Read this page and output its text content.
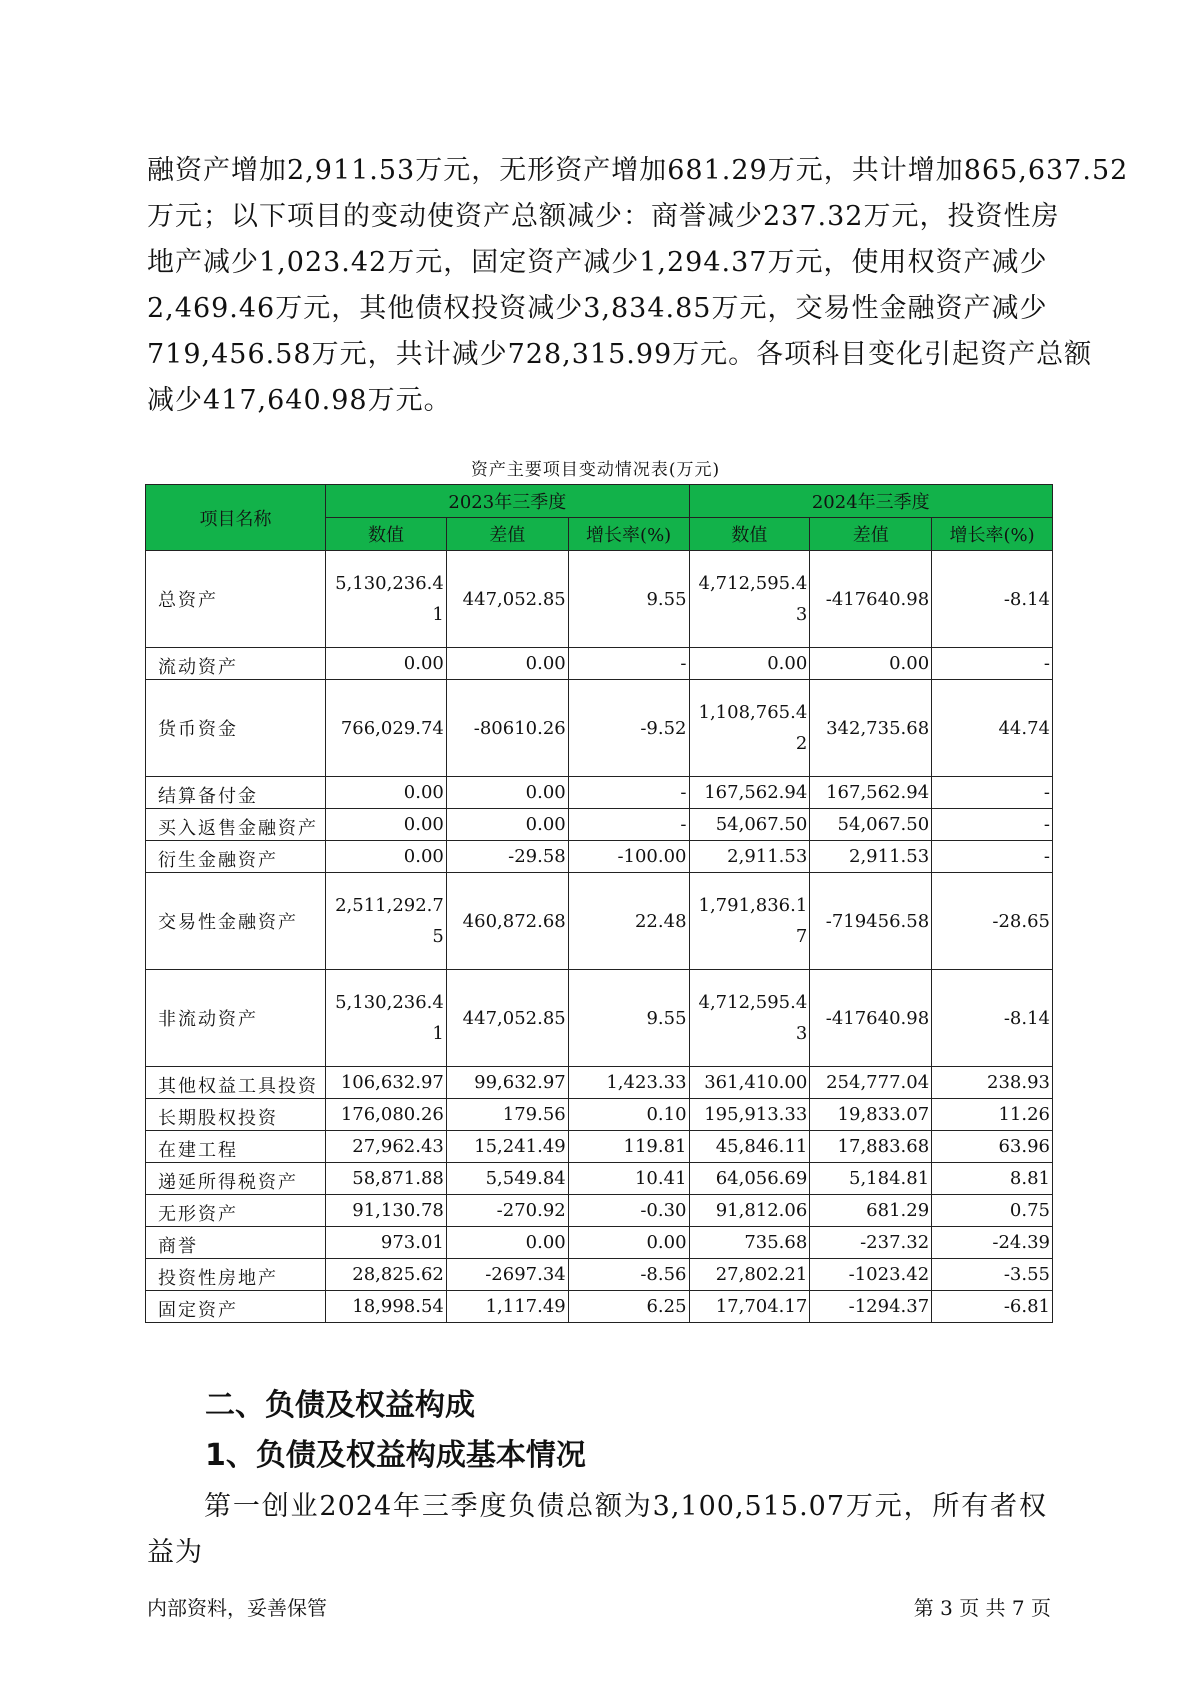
融资产增加2,911.53万元，无形资产增加681.29万元，共计增加865,637.52
万元；以下项目的变动使资产总额减少：商誉减少237.32万元，投资性房
地产减少1,023.42万元，固定资产减少1,294.37万元，使用权资产减少
2,469.46万元，其他债权投资减少3,834.85万元，交易性金融资产减少
719,456.58万元，共计减少728,315.99万元。各项科目变化引起资产总额
减少417,640.98万元。
资产主要项目变动情况表(万元)
项目名称	2023年三季度			2024年三季度		
	数值	差值	增长率(%)	数值	差值	增长率(%)
总资产	5,130,236.41	447,052.85	9.55	4,712,595.43	-417640.98	-8.14
流动资产	0.00	0.00	-	0.00	0.00	-
货币资金	766,029.74	-80610.26	-9.52	1,108,765.42	342,735.68	44.74
结算备付金	0.00	0.00	-	167,562.94	167,562.94	-
买入返售金融资产	0.00	0.00	-	54,067.50	54,067.50	-
衍生金融资产	0.00	-29.58	-100.00	2,911.53	2,911.53	-
交易性金融资产	2,511,292.75	460,872.68	22.48	1,791,836.17	-719456.58	-28.65
非流动资产	5,130,236.41	447,052.85	9.55	4,712,595.43	-417640.98	-8.14
其他权益工具投资	106,632.97	99,632.97	1,423.33	361,410.00	254,777.04	238.93
长期股权投资	176,080.26	179.56	0.10	195,913.33	19,833.07	11.26
在建工程	27,962.43	15,241.49	119.81	45,846.11	17,883.68	63.96
递延所得税资产	58,871.88	5,549.84	10.41	64,056.69	5,184.81	8.81
无形资产	91,130.78	-270.92	-0.30	91,812.06	681.29	0.75
商誉	973.01	0.00	0.00	735.68	-237.32	-24.39
投资性房地产	28,825.62	-2697.34	-8.56	27,802.21	-1023.42	-3.55
固定资产	18,998.54	1,117.49	6.25	17,704.17	-1294.37	-6.81
二、负债及权益构成
1、负债及权益构成基本情况

第一创业2024年三季度负债总额为3,100,515.07万元，所有者权益为

内部资料，妥善保管	第 3 页 共 7 页
